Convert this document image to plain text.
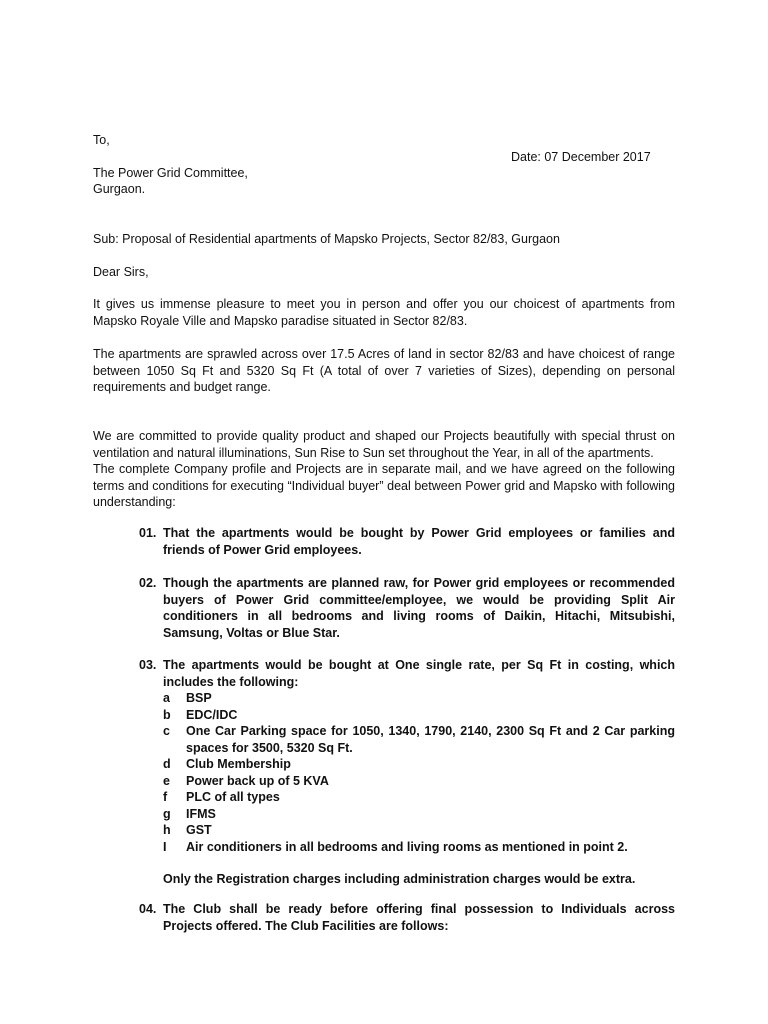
To,
Date: 07 December 2017
The Power Grid Committee,
Gurgaon.
Sub: Proposal of Residential apartments of Mapsko Projects, Sector 82/83, Gurgaon
Dear Sirs,
It gives us immense pleasure to meet you in person and offer you our choicest of apartments from Mapsko Royale Ville and Mapsko paradise situated in Sector 82/83.
The apartments are sprawled across over 17.5 Acres of land in sector 82/83 and have choicest of range between 1050 Sq Ft and 5320 Sq Ft (A total of over 7 varieties of Sizes), depending on personal requirements and budget range.
We are committed to provide quality product and shaped our Projects beautifully with special thrust on ventilation and natural illuminations, Sun Rise to Sun set throughout the Year, in all of the apartments.
The complete Company profile and Projects are in separate mail, and we have agreed on the following terms and conditions for executing “Individual buyer” deal between Power grid and Mapsko with following understanding:
01. That the apartments would be bought by Power Grid employees or families and friends of Power Grid employees.
02. Though the apartments are planned raw, for Power grid employees or recommended buyers of Power Grid committee/employee, we would be providing Split Air conditioners in all bedrooms and living rooms of Daikin, Hitachi, Mitsubishi, Samsung, Voltas or Blue Star.
03. The apartments would be bought at One single rate, per Sq Ft in costing, which includes the following:
a BSP
b EDC/IDC
c One Car Parking space for 1050, 1340, 1790, 2140, 2300 Sq Ft and 2 Car parking spaces for 3500, 5320 Sq Ft.
d Club Membership
e Power back up of 5 KVA
f PLC of all types
g IFMS
h GST
I Air conditioners in all bedrooms and living rooms as mentioned in point 2.
Only the Registration charges including administration charges would be extra.
04. The Club shall be ready before offering final possession to Individuals across Projects offered. The Club Facilities are follows:
